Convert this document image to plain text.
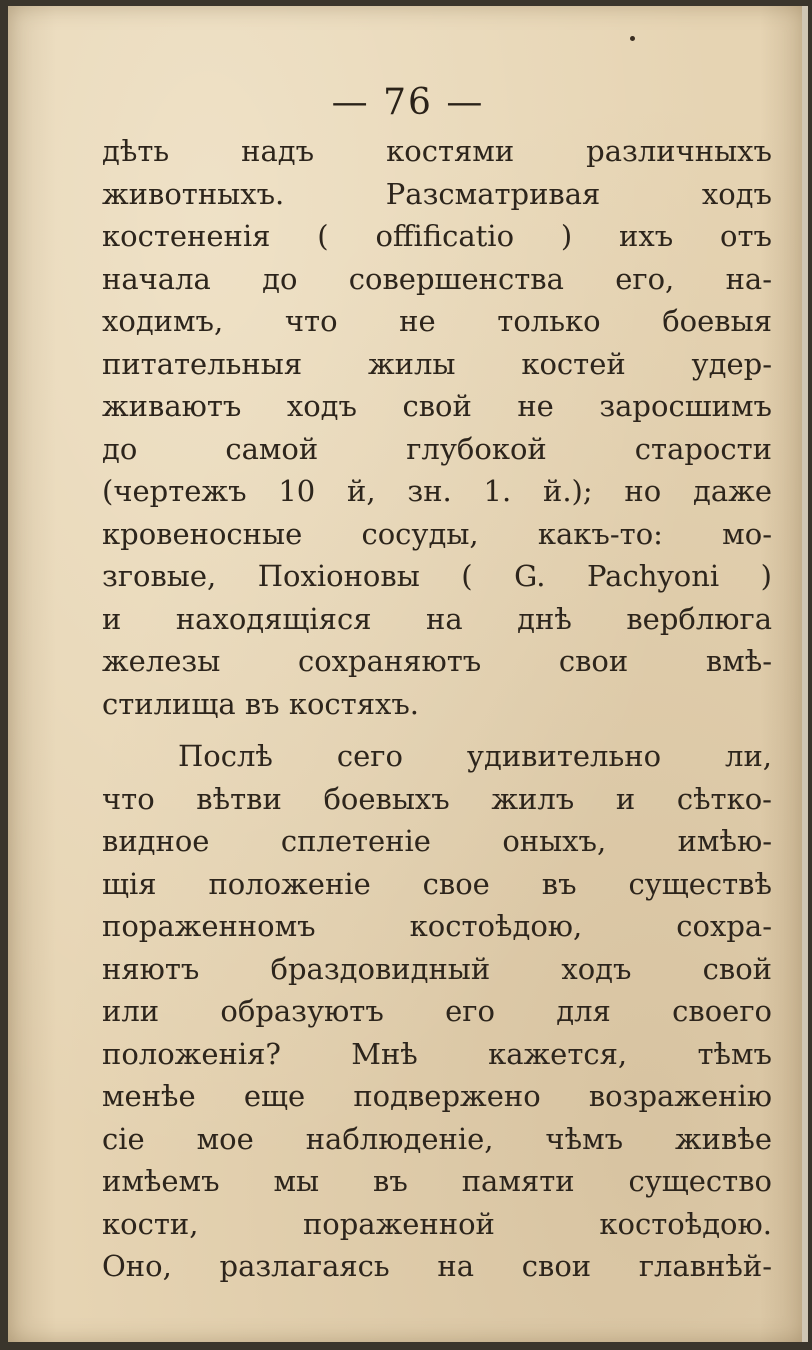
— 76 —
дѣть надъ костями различныхъ
животныхъ. Разсматривая ходъ
костененія ( offificatio ) ихъ отъ
начала до совершенства его, на-
ходимъ, что не только боевыя
питательныя жилы костей удер-
живаютъ ходъ свой не заросшимъ
до самой глубокой старости
(чертежъ 10 й, зн. 1. й.); но даже
кровеносные сосуды, какъ-то: мо-
зговые, Похіоновы ( G. Pachyoni )
и находящіяся на днѣ верблюга
железы сохраняютъ свои вмѣ-
стилища въ костяхъ.
Послѣ сего удивительно ли,
что вѣтви боевыхъ жилъ и сѣтко-
видное сплетеніе оныхъ, имѣю-
щія положеніе свое въ существѣ
пораженномъ костоѣдою, сохра-
няютъ браздовидный ходъ свой
или образуютъ его для своего
положенія? Мнѣ кажется, тѣмъ
менѣе еще подвержено возраженію
сіе мое наблюденіе, чѣмъ живѣе
имѣемъ мы въ памяти существо
кости, пораженной костоѣдою.
Оно, разлагаясь на свои главнѣй-
